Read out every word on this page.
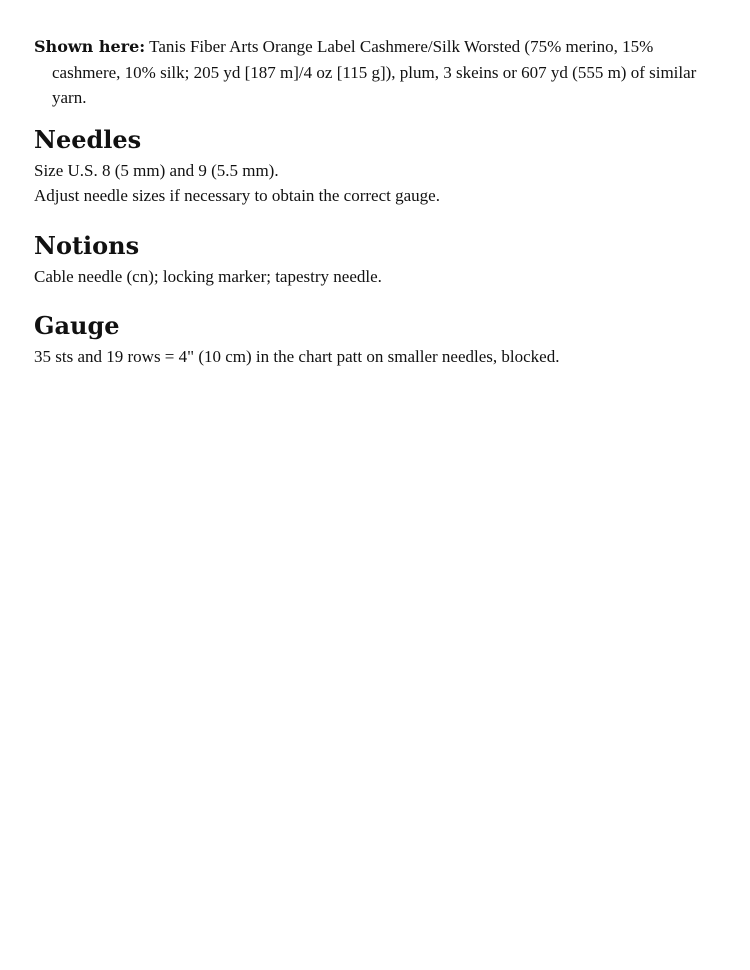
Shown here: Tanis Fiber Arts Orange Label Cashmere/Silk Worsted (75% merino, 15% cashmere, 10% silk; 205 yd [187 m]/4 oz [115 g]), plum, 3 skeins or 607 yd (555 m) of similar yarn.

Needles

Size U.S. 8 (5 mm) and 9 (5.5 mm).

Adjust needle sizes if necessary to obtain the correct gauge.

Notions

Cable needle (cn); locking marker; tapestry needle.

Gauge

35 sts and 19 rows = 4" (10 cm) in the chart patt on smaller needles, blocked.
